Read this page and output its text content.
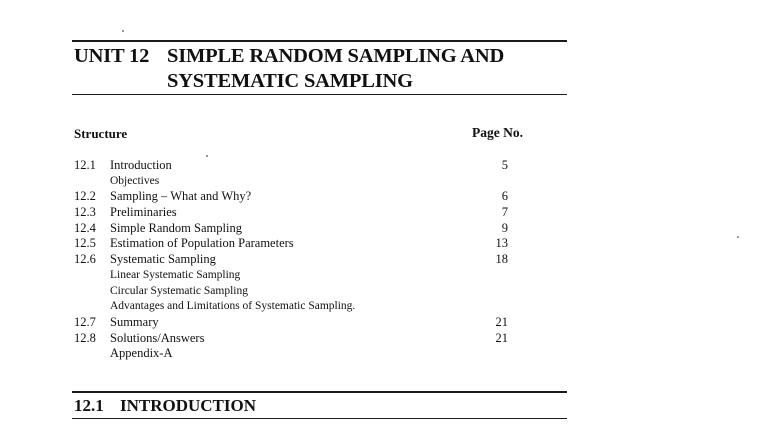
UNIT 12 SIMPLE RANDOM SAMPLING AND
SYSTEMATIC SAMPLING
Structure	Page No.
12.1 Introduction	5
Objectives
12.2 Sampling – What and Why?	6
12.3 Preliminaries	7
12.4 Simple Random Sampling	9
12.5 Estimation of Population Parameters	13
12.6 Systematic Sampling	18
Linear Systematic Sampling
Circular Systematic Sampling
Advantages and Limitations of Systematic Sampling.
12.7 Summary	21
12.8 Solutions/Answers	21
Appendix-A
12.1 INTRODUCTION
